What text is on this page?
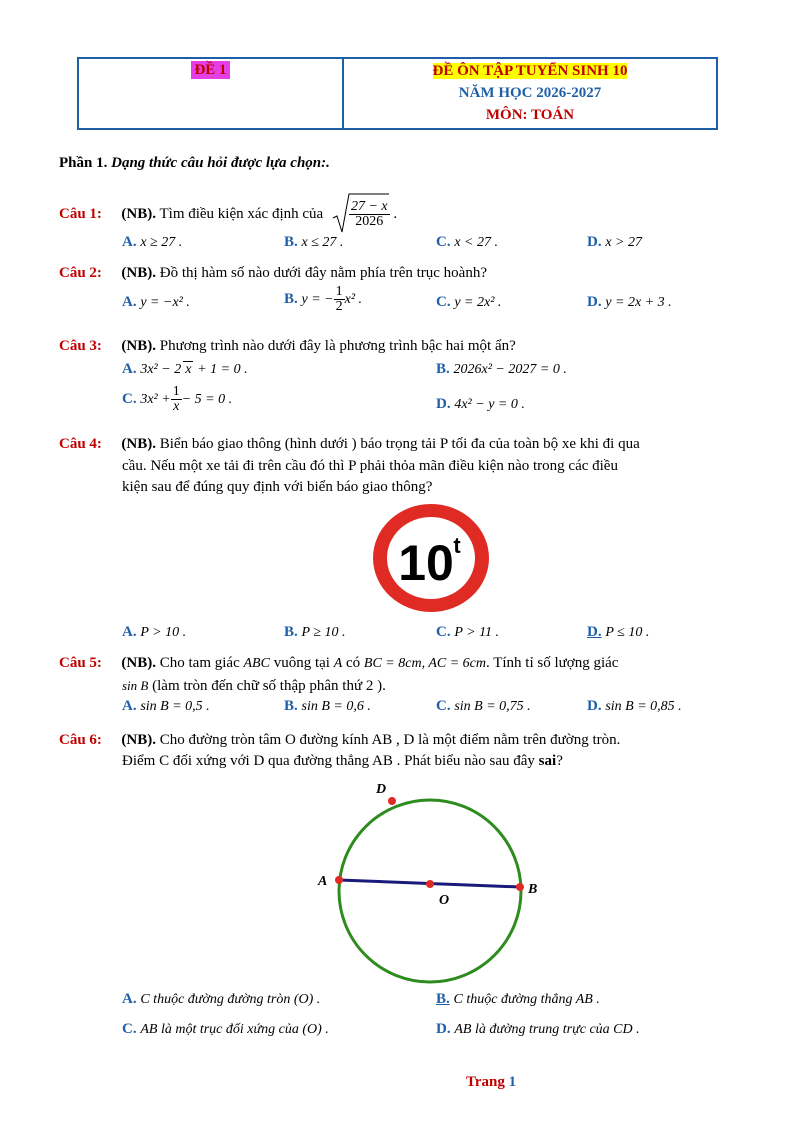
ĐỀ 1	ĐỀ ÔN TẬP TUYỂN SINH 10
NĂM HỌC 2026-2027
MÔN: TOÁN
Phần 1. Dạng thức câu hỏi được lựa chọn:.
Câu 1: (NB). Tìm điều kiện xác định của $\frac{27 - x}{2026}$ .
A. x ≥ 27 .	B. x ≤ 27 .	C. x < 27 .	D. x > 27
Câu 2: (NB). Đồ thị hàm số nào dưới đây nằm phía trên trục hoành?
A. y = −x² .	B. y = − $\frac{1}{2} x^2$ .	C. y = 2x² .	D. y = 2x + 3 .
Câu 3: (NB). Phương trình nào dưới đây là phương trình bậc hai một ẩn?
A. 3x² − 2 x + 1 = 0 .	B. 2026x² − 2027 = 0 .
C. $3x^2 + \frac{1}{x} - 5 = 0$ .	D. 4x² − y = 0 .
Câu 4: (NB). Biển báo giao thông (hình dưới ) báo trọng tải P tối đa của toàn bộ xe khi đi qua
cầu. Nếu một xe tải đi trên cầu đó thì P phải thỏa mãn điều kiện nào trong các điều
kiện sau để đúng quy định với biển báo giao thông?
10 t
A. P > 10 .	B. P ≥ 10 .	C. P > 11 .	D. P ≤ 10 .
Câu 5: (NB). Cho tam giác ABC vuông tại A có BC = 8cm, AC = 6cm. Tính tỉ số lượng giác
sin B (làm tròn đến chữ số thập phân thứ 2 ).
A. sin B = 0,5 .	B. sin B = 0,6 .	C. sin B = 0,75 .	D. sin B = 0,85 .
Câu 6: (NB). Cho đường tròn tâm O đường kính AB , D là một điểm nằm trên đường tròn.
Điểm C đối xứng với D qua đường thẳng AB . Phát biểu nào sau đây sai?
D
A
B
O
A. C thuộc đường đường tròn (O) .	B. C thuộc đường thẳng AB .
C. AB là một trục đối xứng của (O) .	D. AB là đường trung trực của CD .
Trang 1
